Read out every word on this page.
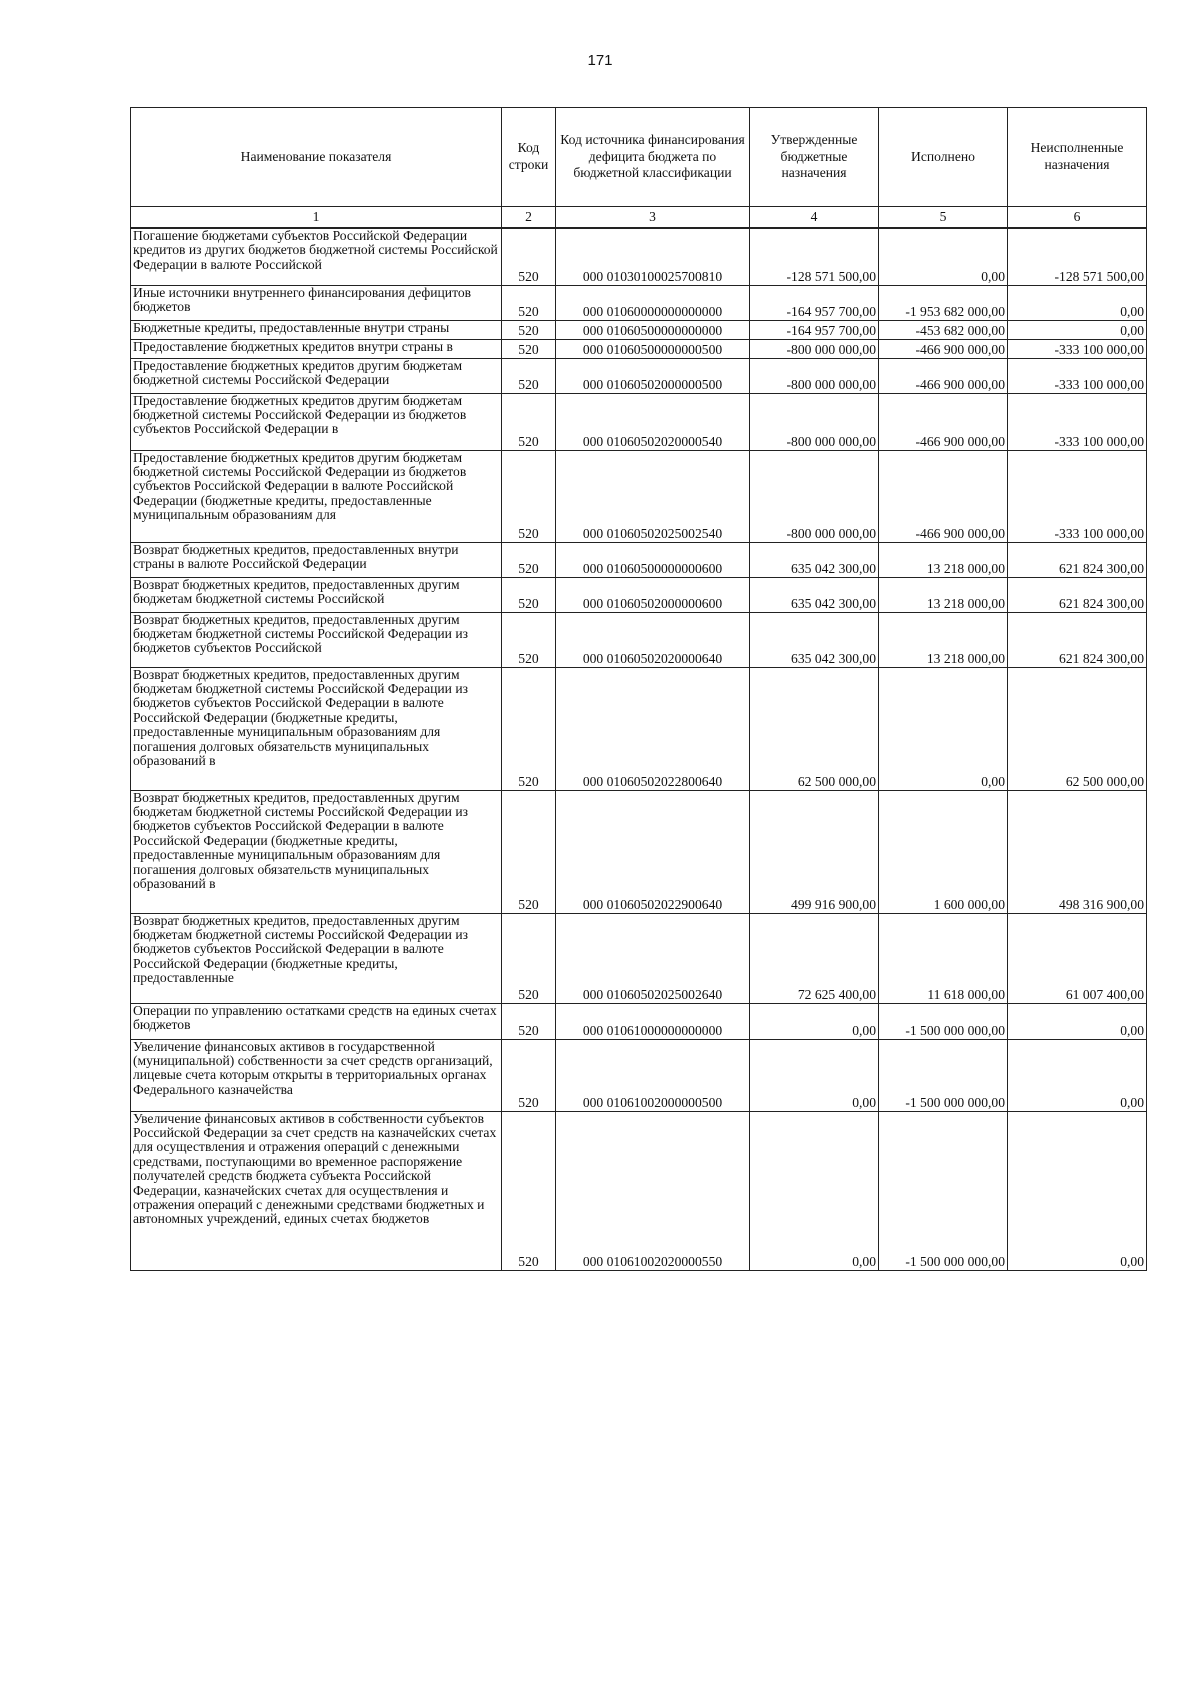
171
Наименование показателя	Код строки	Код источника финансирования дефицита бюджета по бюджетной классификации	Утвержденные бюджетные назначения	Исполнено	Неисполненные назначения
1	2	3	4	5	6

Погашение бюджетами субъектов Российской Федерации кредитов из других бюджетов бюджетной системы Российской Федерации в валюте Российской	520	000 01030100025700810	-128 571 500,00	0,00	-128 571 500,00

Иные источники внутреннего финансирования дефицитов бюджетов	520	000 01060000000000000	-164 957 700,00	-1 953 682 000,00	0,00

Бюджетные кредиты, предоставленные внутри страны	520	000 01060500000000000	-164 957 700,00	-453 682 000,00	0,00

Предоставление бюджетных кредитов внутри страны в	520	000 01060500000000500	-800 000 000,00	-466 900 000,00	-333 100 000,00

Предоставление бюджетных кредитов другим бюджетам бюджетной системы Российской Федерации	520	000 01060502000000500	-800 000 000,00	-466 900 000,00	-333 100 000,00

Предоставление бюджетных кредитов другим бюджетам бюджетной системы Российской Федерации из бюджетов субъектов Российской Федерации в	520	000 01060502020000540	-800 000 000,00	-466 900 000,00	-333 100 000,00

Предоставление бюджетных кредитов другим бюджетам бюджетной системы Российской Федерации из бюджетов субъектов Российской Федерации в валюте Российской Федерации (бюджетные кредиты, предоставленные муниципальным образованиям для	520	000 01060502025002540	-800 000 000,00	-466 900 000,00	-333 100 000,00

Возврат бюджетных кредитов, предоставленных внутри страны в валюте Российской Федерации	520	000 01060500000000600	635 042 300,00	13 218 000,00	621 824 300,00

Возврат бюджетных кредитов, предоставленных другим бюджетам бюджетной системы Российской	520	000 01060502000000600	635 042 300,00	13 218 000,00	621 824 300,00

Возврат бюджетных кредитов, предоставленных другим бюджетам бюджетной системы Российской Федерации из бюджетов субъектов Российской	520	000 01060502020000640	635 042 300,00	13 218 000,00	621 824 300,00

Возврат бюджетных кредитов, предоставленных другим бюджетам бюджетной системы Российской Федерации из бюджетов субъектов Российской Федерации в валюте Российской Федерации (бюджетные кредиты, предоставленные муниципальным образованиям для погашения долговых обязательств муниципальных образований в	520	000 01060502022800640	62 500 000,00	0,00	62 500 000,00

Возврат бюджетных кредитов, предоставленных другим бюджетам бюджетной системы Российской Федерации из бюджетов субъектов Российской Федерации в валюте Российской Федерации (бюджетные кредиты, предоставленные муниципальным образованиям для погашения долговых обязательств муниципальных образований в	520	000 01060502022900640	499 916 900,00	1 600 000,00	498 316 900,00

Возврат бюджетных кредитов, предоставленных другим бюджетам бюджетной системы Российской Федерации из бюджетов субъектов Российской Федерации в валюте Российской Федерации (бюджетные кредиты, предоставленные	520	000 01060502025002640	72 625 400,00	11 618 000,00	61 007 400,00

Операции по управлению остатками средств на единых счетах бюджетов	520	000 01061000000000000	0,00	-1 500 000 000,00	0,00

Увеличение финансовых активов в государственной (муниципальной) собственности за счет средств организаций, лицевые счета которым открыты в территориальных органах Федерального казначейства	520	000 01061002000000500	0,00	-1 500 000 000,00	0,00

Увеличение финансовых активов в собственности субъектов Российской Федерации за счет средств на казначейских счетах для осуществления и отражения операций с денежными средствами, поступающими во временное распоряжение получателей средств бюджета субъекта Российской Федерации, казначейских счетах для осуществления и отражения операций с денежными средствами бюджетных и автономных учреждений, единых счетах бюджетов	520	000 01061002020000550	0,00	-1 500 000 000,00	0,00
